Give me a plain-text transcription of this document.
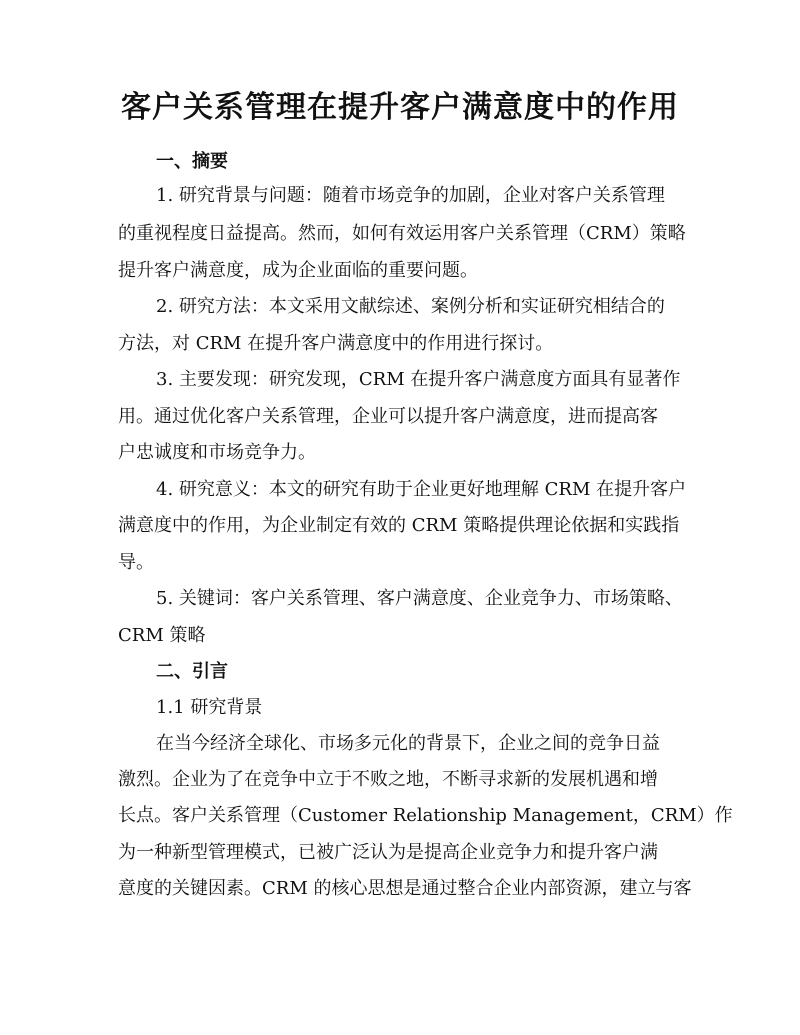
客户关系管理在提升客户满意度中的作用
一、摘要
1. 研究背景与问题：随着市场竞争的加剧，企业对客户关系管理
的重视程度日益提高。然而，如何有效运用客户关系管理（CRM）策略
提升客户满意度，成为企业面临的重要问题。
2. 研究方法：本文采用文献综述、案例分析和实证研究相结合的
方法，对 CRM 在提升客户满意度中的作用进行探讨。
3. 主要发现：研究发现，CRM 在提升客户满意度方面具有显著作
用。通过优化客户关系管理，企业可以提升客户满意度，进而提高客
户忠诚度和市场竞争力。
4. 研究意义：本文的研究有助于企业更好地理解 CRM 在提升客户
满意度中的作用，为企业制定有效的 CRM 策略提供理论依据和实践指
导。
5. 关键词：客户关系管理、客户满意度、企业竞争力、市场策略、
CRM 策略
二、引言
1.1 研究背景
在当今经济全球化、市场多元化的背景下，企业之间的竞争日益
激烈。企业为了在竞争中立于不败之地，不断寻求新的发展机遇和增
长点。客户关系管理（Customer Relationship Management，CRM）作
为一种新型管理模式，已被广泛认为是提高企业竞争力和提升客户满
意度的关键因素。CRM 的核心思想是通过整合企业内部资源，建立与客
